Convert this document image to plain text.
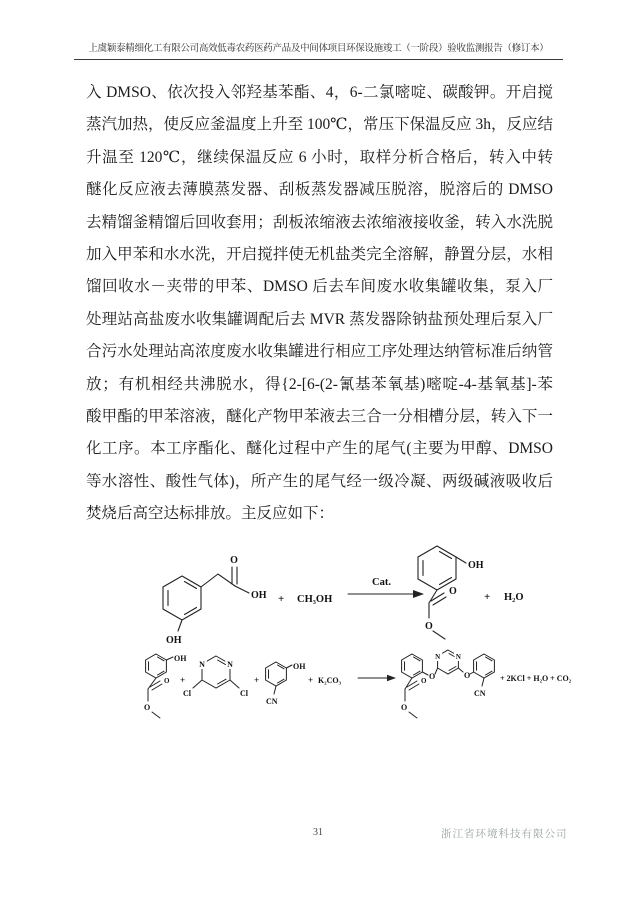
上虞颖泰精细化工有限公司高效低毒农药医药产品及中间体项目环保设施竣工（一阶段）验收监测报告（修订本）
入 DMSO、依次投入邻羟基苯酯、4，6-二氯嘧啶、碳酸钾。开启搅
蒸汽加热，使反应釜温度上升至 100℃，常压下保温反应 3h，反应结
升温至 120℃，继续保温反应 6 小时，取样分析合格后，转入中转
醚化反应液去薄膜蒸发器、刮板蒸发器减压脱溶，脱溶后的 DMSO
去精馏釜精馏后回收套用；刮板浓缩液去浓缩液接收釜，转入水洗脱
加入甲苯和水水洗，开启搅拌使无机盐类完全溶解，静置分层，水相
馏回收水－夹带的甲苯、DMSO 后去车间废水收集罐收集，泵入厂
处理站高盐废水收集罐调配后去 MVR 蒸发器除钠盐预处理后泵入厂
合污水处理站高浓度废水收集罐进行相应工序处理达纳管标准后纳管
放；有机相经共沸脱水，得{2-[6-(2-氰基苯氧基)嘧啶-4-基氧基]-苯
酸甲酯的甲苯溶液，醚化产物甲苯液去三合一分相槽分层，转入下一
化工序。本工序酯化、醚化过程中产生的尾气(主要为甲醇、DMSO
等水溶性、酸性气体)，所产生的尾气经一级冷凝、两级碱液吸收后
焚烧后高空达标排放。主反应如下：
OH
O
OH + CH₃OH
Cat.
OH
O
O
+ H₂O
OH
O
O
+
N	N
Cl	Cl
+
OH
CN
+ K₂CO₃	O
O
O
N N
O
CN
+ 2KCl + H₂O + CO₂
31	浙江省环境科技有限公司
